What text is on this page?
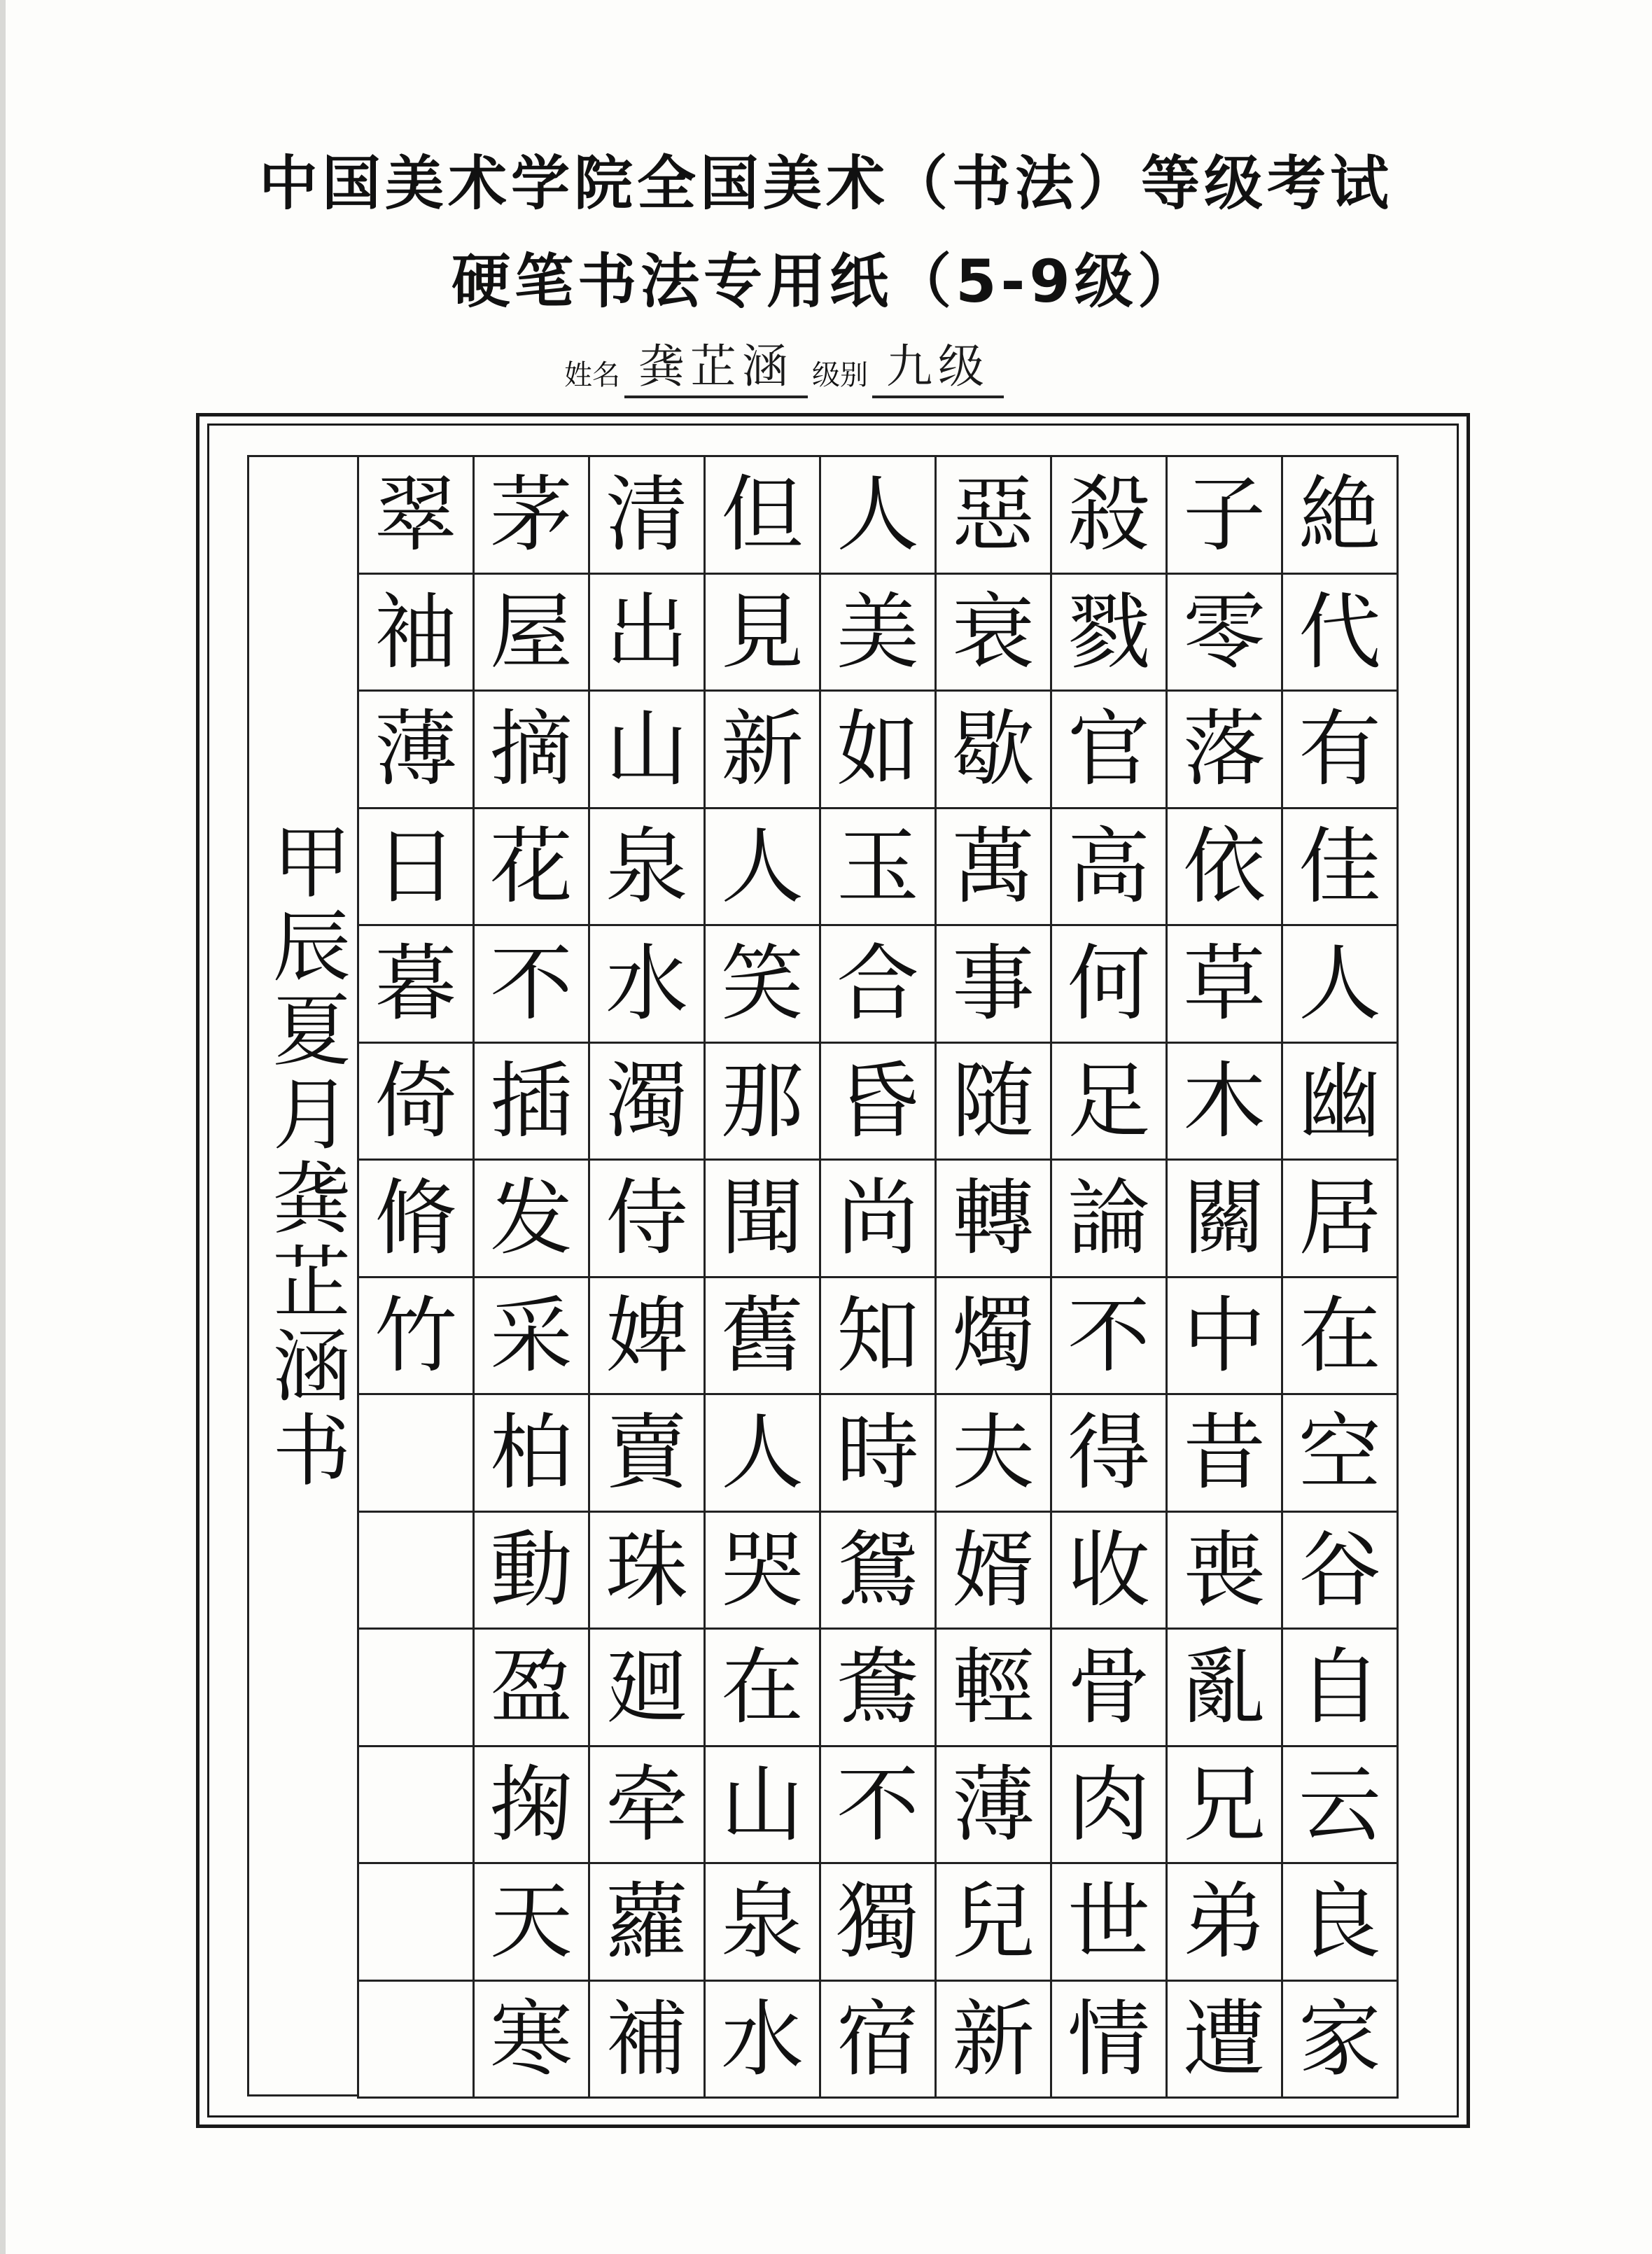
中国美术学院全国美术（书法）等级考试
硬笔书法专用纸（5-9级）
姓名 龚芷涵 级别 九级
甲辰夏月龚芷涵书
翠 茅 清 但 人 惡 殺 子 絶
袖 屋 出 見 美 衰 戮 零 代
薄 摘 山 新 如 歇 官 落 有
日 花 泉 人 玉 萬 高 依 佳
暮 不 水 笑 合 事 何 草 人
倚 插 濁 那 昏 随 足 木 幽
脩 发 侍 聞 尚 轉 論 關 居
竹 采 婢 舊 知 燭 不 中 在
柏 賣 人 時 夫 得 昔 空
動 珠 哭 鴛 婿 收 喪 谷
盈 廻 在 鴦 輕 骨 亂 自
掬 牵 山 不 薄 肉 兄 云
天 蘿 泉 獨 兒 世 弟 良
寒 補 水 宿 新 情 遭 家
